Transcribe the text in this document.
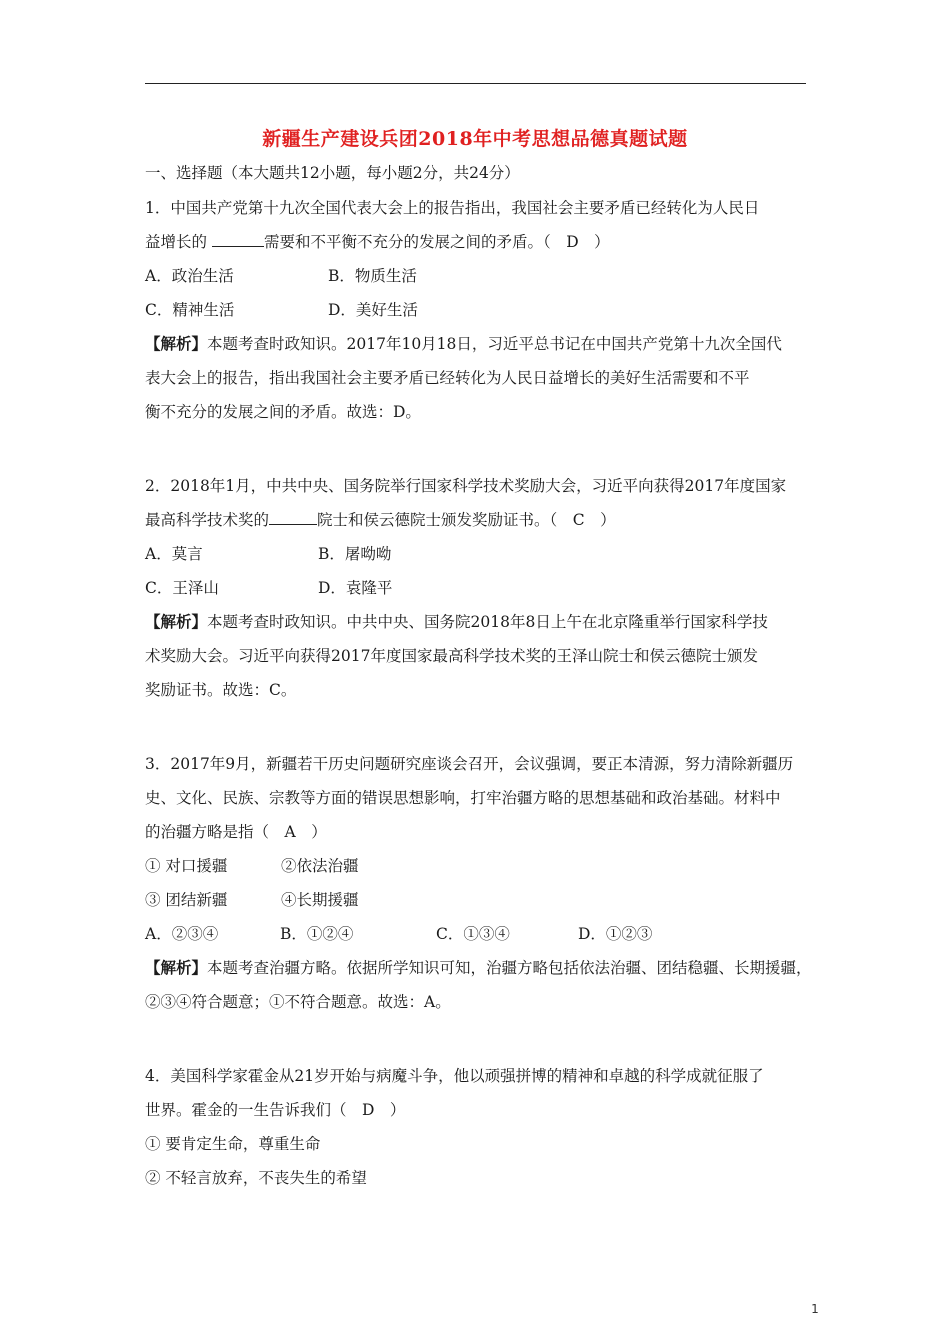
新疆生产建设兵团2018年中考思想品德真题试题
一、选择题（本大题共12小题，每小题2分，共24分）
1．中国共产党第十九次全国代表大会上的报告指出，我国社会主要矛盾已经转化为人民日
益增长的	需要和不平衡不充分的发展之间的矛盾。（　D　）
A．政治生活	B．物质生活
C．精神生活	D．美好生活
【解析】本题考查时政知识。2017年10月18日，习近平总书记在中国共产党第十九次全国代
表大会上的报告，指出我国社会主要矛盾已经转化为人民日益增长的美好生活需要和不平
衡不充分的发展之间的矛盾。故选：D。
2．2018年1月，中共中央、国务院举行国家科学技术奖励大会，习近平向获得2017年度国家
最高科学技术奖的	院士和侯云德院士颁发奖励证书。（　C　）
A．莫言	B．屠呦呦
C．王泽山	D．袁隆平
【解析】本题考查时政知识。中共中央、国务院2018年8日上午在北京隆重举行国家科学技
术奖励大会。习近平向获得2017年度国家最高科学技术奖的王泽山院士和侯云德院士颁发
奖励证书。故选：C。
3．2017年9月，新疆若干历史问题研究座谈会召开，会议强调，要正本清源，努力清除新疆历
史、文化、民族、宗教等方面的错误思想影响，打牢治疆方略的思想基础和政治基础。材料中
的治疆方略是指（　A　）
① 对口援疆	②依法治疆
③ 团结新疆	④长期援疆
A．②③④	B．①②④	C．①③④	D．①②③
【解析】本题考查治疆方略。依据所学知识可知，治疆方略包括依法治疆、团结稳疆、长期援疆，
②③④符合题意；①不符合题意。故选：A。
4．美国科学家霍金从21岁开始与病魔斗争，他以顽强拼博的精神和卓越的科学成就征服了
世界。霍金的一生告诉我们（　D　）
① 要肯定生命，尊重生命
② 不轻言放弃，不丧失生的希望
1
